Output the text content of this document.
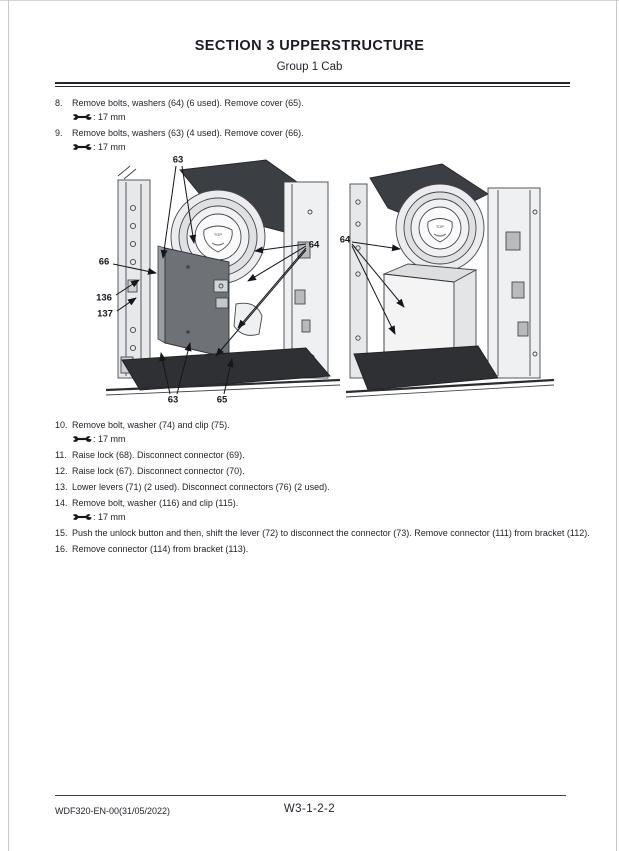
SECTION 3 UPPERSTRUCTURE
Group 1 Cab
8.	Remove bolts, washers (64) (6 used). Remove cover (65).
: 17 mm
9.	Remove bolts, washers (63) (4 used). Remove cover (66).
: 17 mm
TOP
TOP
63
66
136
137
64
63	65
64
10. Remove bolt, washer (74) and clip (75).
: 17 mm
11. Raise lock (68). Disconnect connector (69).
12. Raise lock (67). Disconnect connector (70).
13. Lower levers (71) (2 used). Disconnect connectors (76) (2 used).
14. Remove bolt, washer (116) and clip (115).
: 17 mm
15. Push the unlock button and then, shift the lever (72) to disconnect the connector (73). Remove connector (111) from bracket (112).
16. Remove connector (114) from bracket (113).
WDF320-EN-00(31/05/2022)	W3-1-2-2
